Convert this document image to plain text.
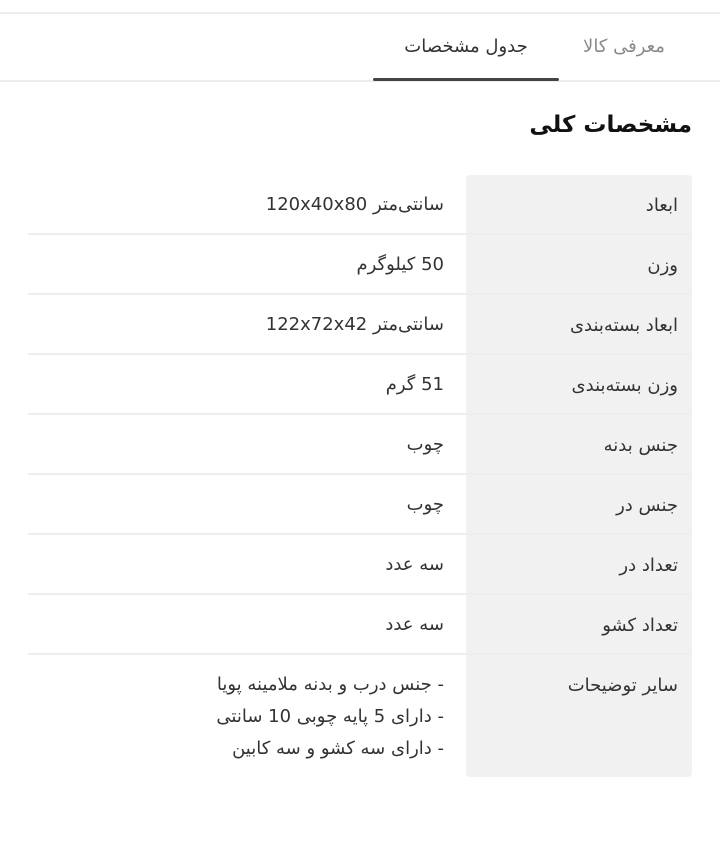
معرفی کالا
جدول مشخصات
مشخصات کلی
ابعاد
سانتی‌متر 120x40x80
وزن
50 کیلوگرم
ابعاد بسته‌بندی
سانتی‌متر 122x72x42
وزن بسته‌بندی
51 گرم
جنس بدنه
چوب
جنس در
چوب
تعداد در
سه عدد
تعداد کشو
سه عدد
سایر توضیحات
- جنس درب و بدنه ملامینه پویا
- دارای 5 پایه چوبی 10 سانتی
- دارای سه کشو و سه کابین
